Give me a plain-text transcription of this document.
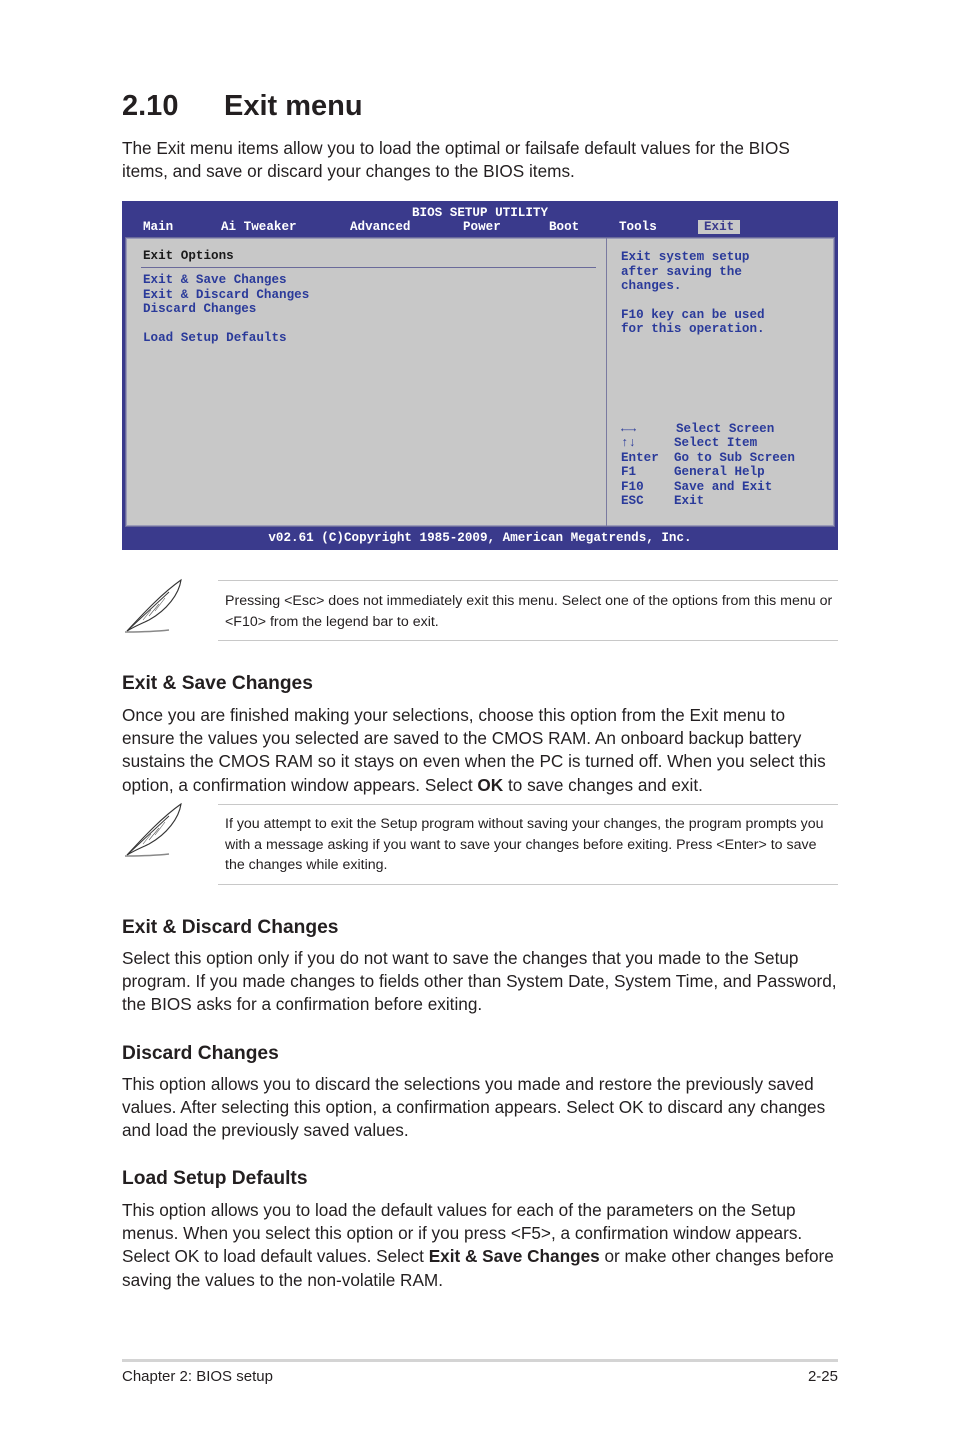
2.10 Exit menu

The Exit menu items allow you to load the optimal or failsafe default values for the BIOS items, and save or discard your changes to the BIOS items.

BIOS SETUP UTILITY
Main	Ai Tweaker	Advanced	Power	Boot	Tools	Exit
Exit Options
Exit & Save Changes
Exit & Discard Changes
Discard Changes
Load Setup Defaults
Exit system setup
after saving the
changes.
F10 key can be used
for this operation.
←→	Select Screen
↑↓	Select Item
Enter Go to Sub Screen
F1	General Help
F10 Save and Exit
ESC Exit
v02.61 (C)Copyright 1985-2009, American Megatrends, Inc.

Pressing <Esc> does not immediately exit this menu. Select one of the options from this menu or <F10> from the legend bar to exit.

Exit & Save Changes

Once you are finished making your selections, choose this option from the Exit menu to ensure the values you selected are saved to the CMOS RAM. An onboard backup battery sustains the CMOS RAM so it stays on even when the PC is turned off. When you select this option, a confirmation window appears. Select OK to save changes and exit.

If you attempt to exit the Setup program without saving your changes, the program prompts you with a message asking if you want to save your changes before exiting. Press <Enter> to save the changes while exiting.

Exit & Discard Changes

Select this option only if you do not want to save the changes that you made to the Setup program. If you made changes to fields other than System Date, System Time, and Password, the BIOS asks for a confirmation before exiting.

Discard Changes

This option allows you to discard the selections you made and restore the previously saved values. After selecting this option, a confirmation appears. Select OK to discard any changes and load the previously saved values.

Load Setup Defaults

This option allows you to load the default values for each of the parameters on the Setup menus. When you select this option or if you press <F5>, a confirmation window appears. Select OK to load default values. Select Exit & Save Changes or make other changes before saving the values to the non-volatile RAM.

Chapter 2: BIOS setup	2-25
